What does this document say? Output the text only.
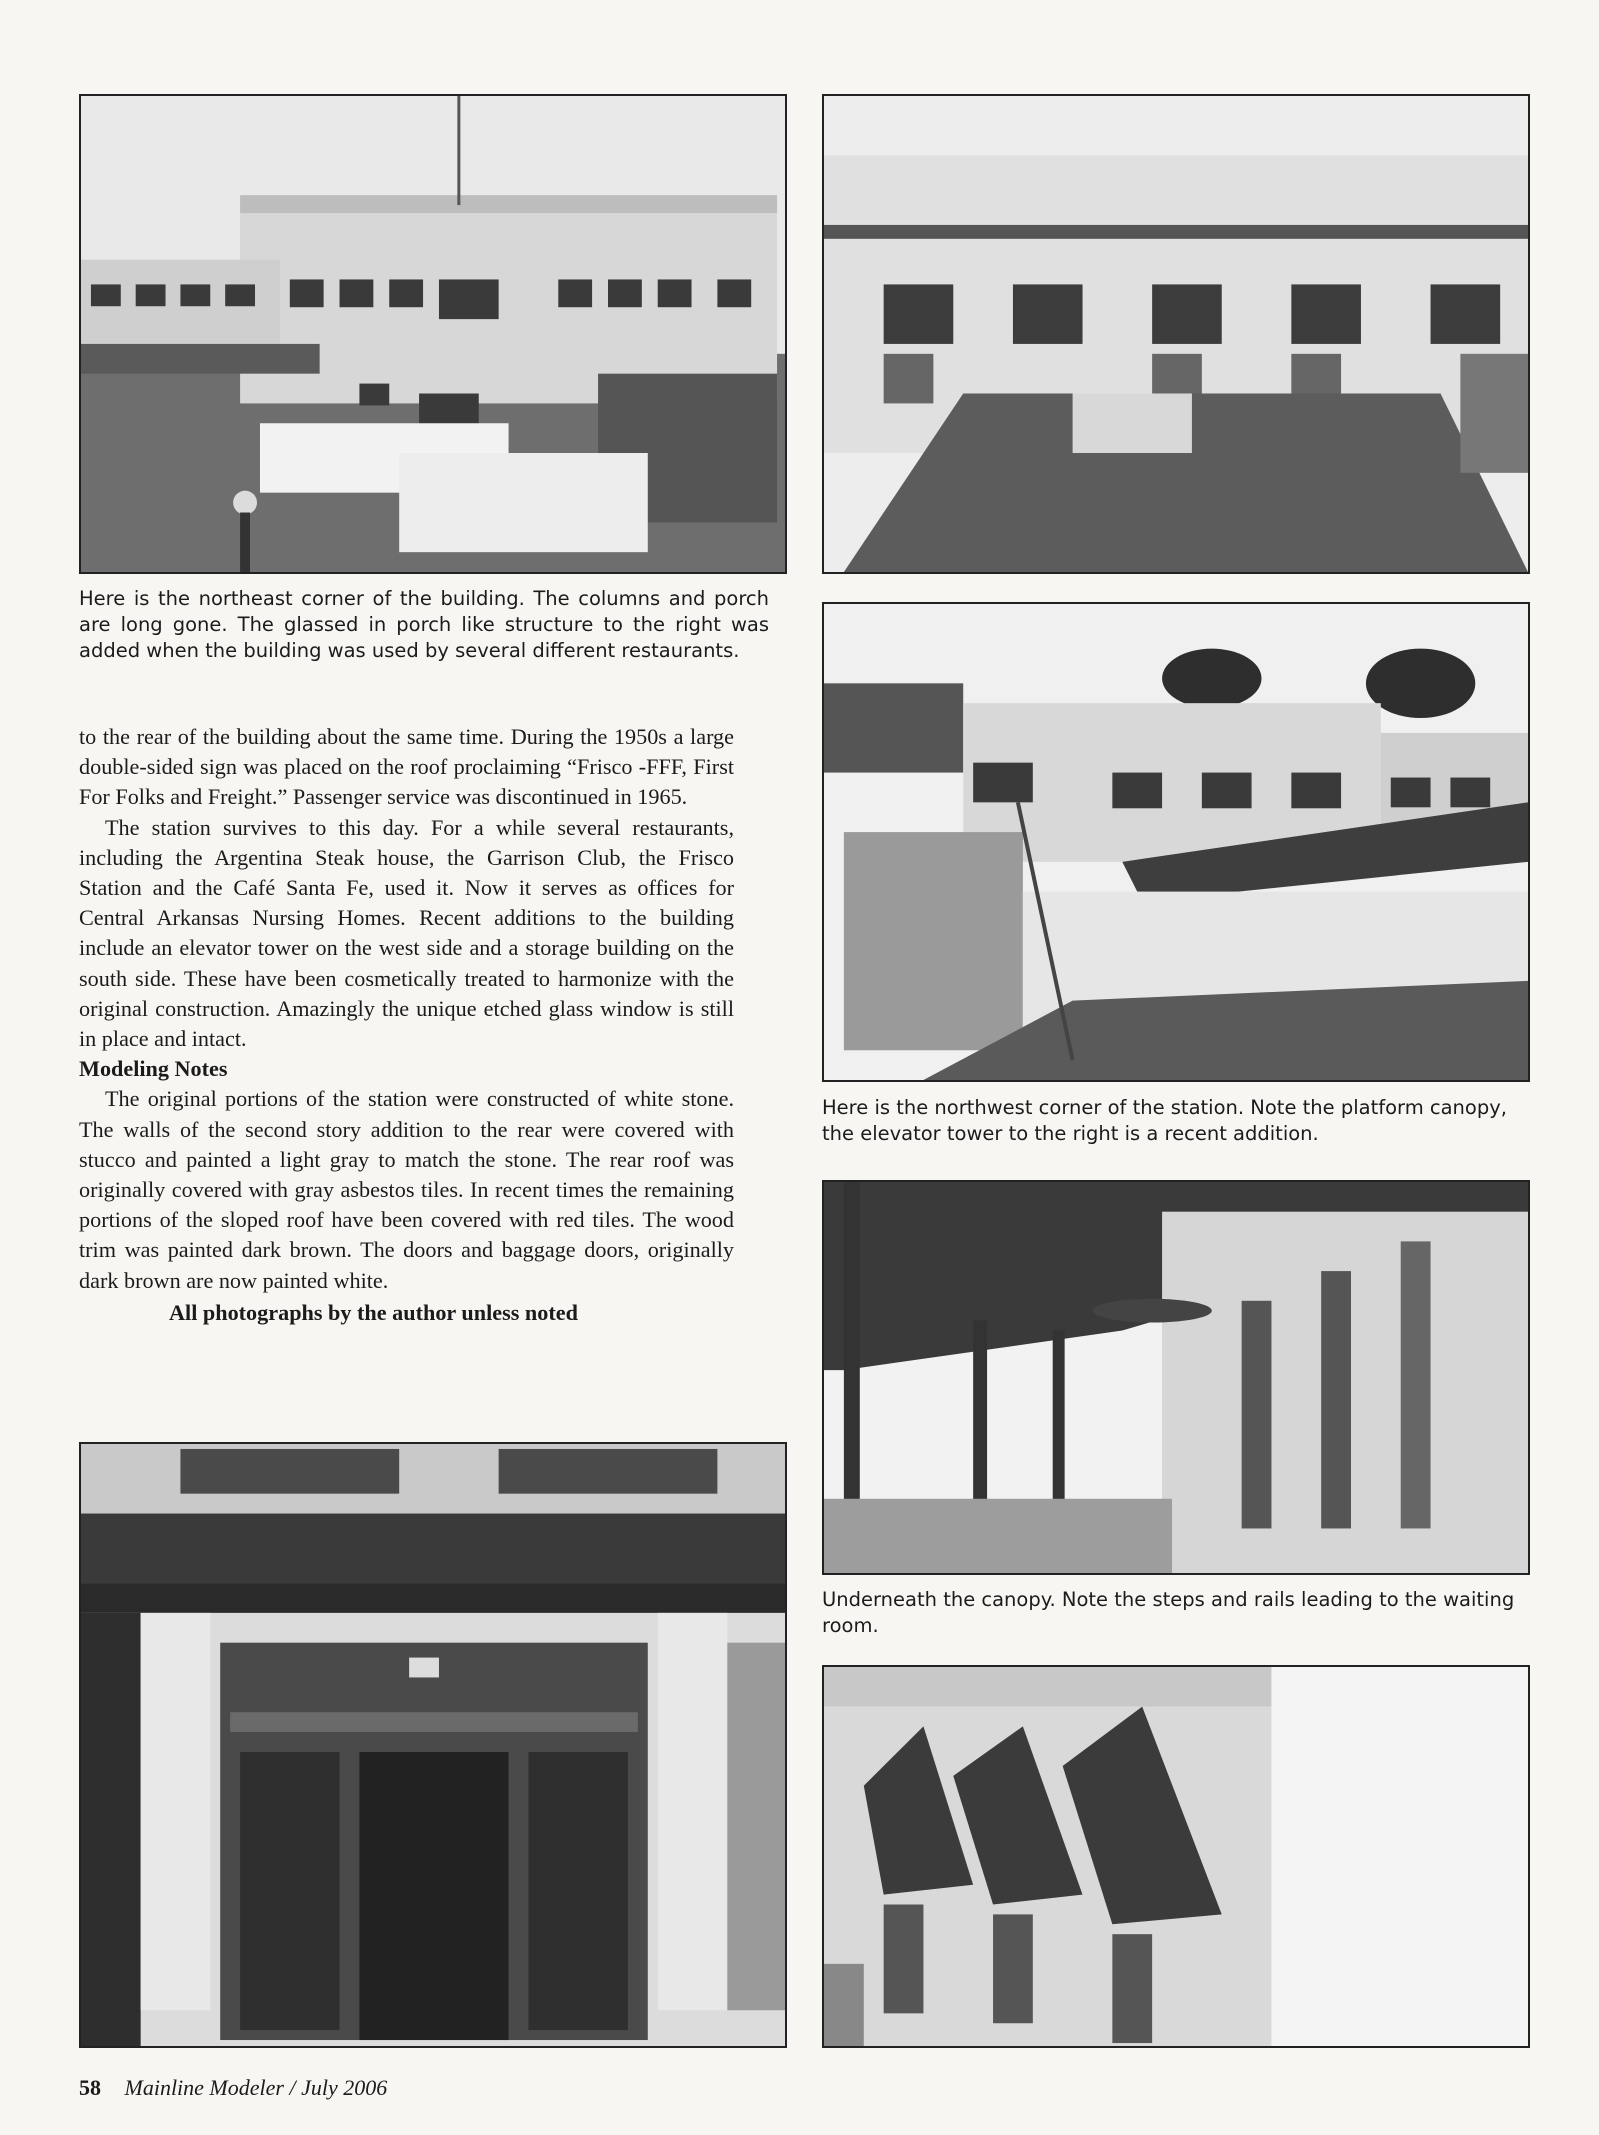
Here is the northeast corner of the building. The columns and porch are long gone. The glassed in porch like structure to the right was added when the building was used by several different restaurants.
Here is the northwest corner of the station. Note the platform canopy, the elevator tower to the right is a recent addition.

to the rear of the building about the same time. During the 1950s a large double-sided sign was placed on the roof proclaiming “Frisco -FFF, First For Folks and Freight.” Passenger service was discontinued in 1965.

The station survives to this day. For a while several restaurants, including the Argentina Steak house, the Garrison Club, the Frisco Station and the Café Santa Fe, used it. Now it serves as offices for Central Arkansas Nursing Homes. Recent additions to the building include an elevator tower on the west side and a storage building on the south side. These have been cosmetically treated to harmonize with the original construction. Amazingly the unique etched glass window is still in place and intact.

Modeling Notes

The original portions of the station were constructed of white stone. The walls of the second story addition to the rear were covered with stucco and painted a light gray to match the stone. The rear roof was originally covered with gray asbestos tiles. In recent times the remaining portions of the sloped roof have been covered with red tiles. The wood trim was painted dark brown. The doors and baggage doors, originally dark brown are now painted white.

All photographs by the author unless noted

Underneath the canopy. Note the steps and rails leading to the waiting room.
58 Mainline Modeler / July 2006
